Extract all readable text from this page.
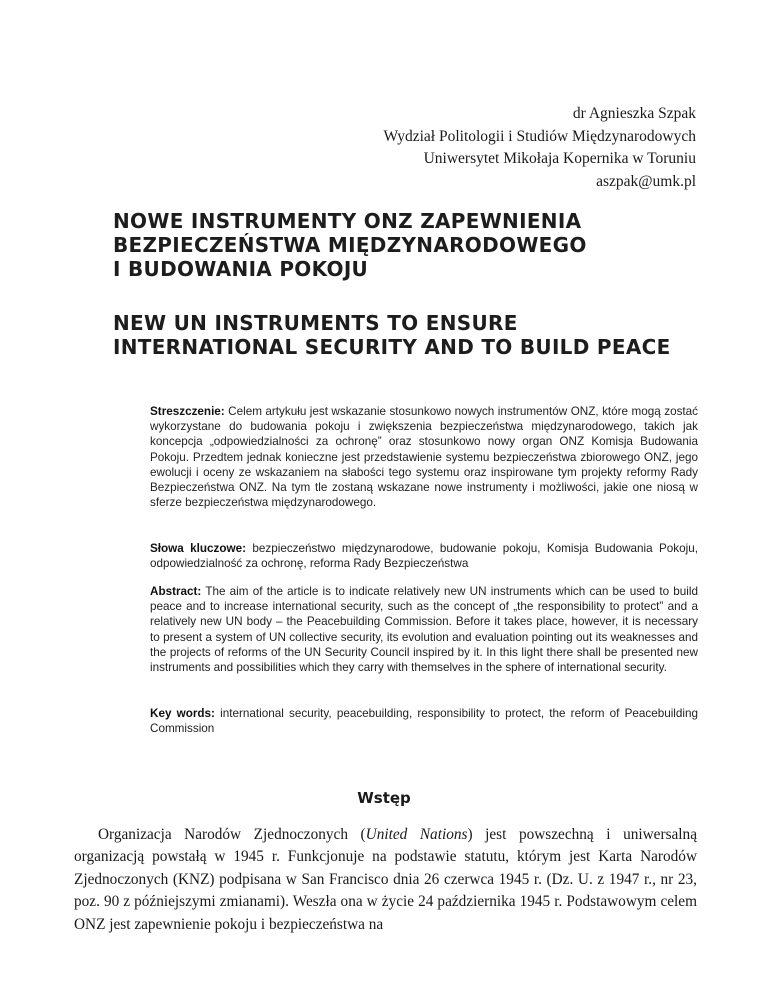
dr Agnieszka Szpak
Wydział Politologii i Studiów Międzynarodowych
Uniwersytet Mikołaja Kopernika w Toruniu
aszpak@umk.pl
NOWE INSTRUMENTY ONZ ZAPEWNIENIA
BEZPIECZEŃSTWA MIĘDZYNARODOWEGO
I BUDOWANIA POKOJU
NEW UN INSTRUMENTS TO ENSURE
INTERNATIONAL SECURITY AND TO BUILD PEACE

Streszczenie: Celem artykułu jest wskazanie stosunkowo nowych instrumentów ONZ, które mogą zostać wykorzystane do budowania pokoju i zwiększenia bezpieczeństwa międzynarodowego, takich jak koncepcja „odpowiedzialności za ochronę” oraz stosunkowo nowy organ ONZ Komisja Budowania Pokoju. Przedtem jednak konieczne jest przedstawienie systemu bezpieczeństwa zbiorowego ONZ, jego ewolucji i oceny ze wskazaniem na słabości tego systemu oraz inspirowane tym projekty reformy Rady Bezpieczeństwa ONZ. Na tym tle zostaną wskazane nowe instrumenty i możliwości, jakie one niosą w sferze bezpieczeństwa międzynarodowego.

Słowa kluczowe: bezpieczeństwo międzynarodowe, budowanie pokoju, Komisja Budowania Pokoju, odpowiedzialność za ochronę, reforma Rady Bezpieczeństwa

Abstract: The aim of the article is to indicate relatively new UN instruments which can be used to build peace and to increase international security, such as the concept of „the responsibility to protect” and a relatively new UN body – the Peacebuilding Commission. Before it takes place, however, it is necessary to present a system of UN collective security, its evolution and evaluation pointing out its weaknesses and the projects of reforms of the UN Security Council inspired by it. In this light there shall be presented new instruments and possibilities which they carry with themselves in the sphere of international security.

Key words: international security, peacebuilding, responsibility to protect, the reform of Peacebuilding Commission

Wstęp

Organizacja Narodów Zjednoczonych (United Nations) jest powszechną i uniwersalną organizacją powstałą w 1945 r. Funkcjonuje na podstawie statutu, którym jest Karta Narodów Zjednoczonych (KNZ) podpisana w San Francisco dnia 26 czerwca 1945 r. (Dz. U. z 1947 r., nr 23, poz. 90 z późniejszymi zmianami). Weszła ona w życie 24 października 1945 r. Podstawowym celem ONZ jest zapewnienie pokoju i bezpieczeństwa na
